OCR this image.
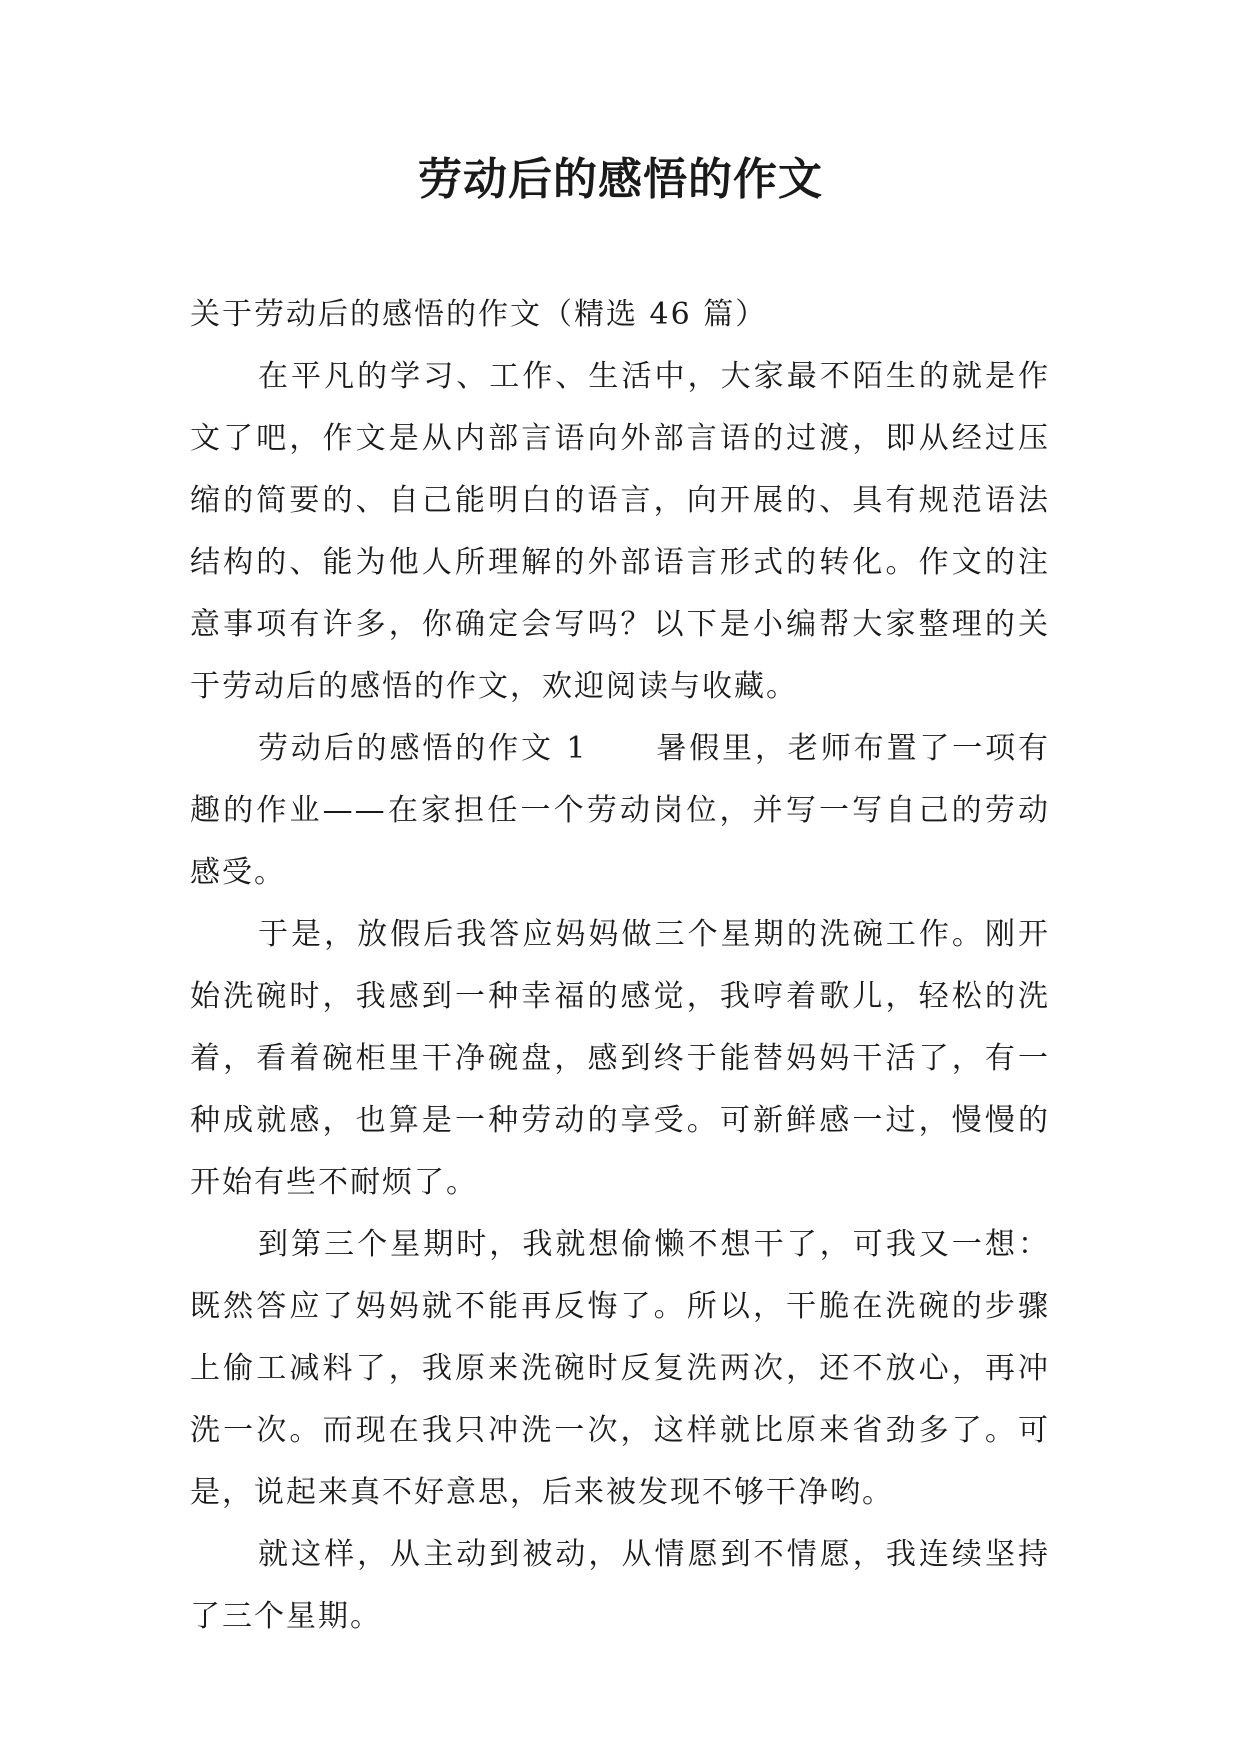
劳动后的感悟的作文

关于劳动后的感悟的作文（精选 46 篇）

在平凡的学习、工作、生活中，大家最不陌生的就是作文了吧，作文是从内部言语向外部言语的过渡，即从经过压缩的简要的、自己能明白的语言，向开展的、具有规范语法结构的、能为他人所理解的外部语言形式的转化。作文的注意事项有许多，你确定会写吗？以下是小编帮大家整理的关于劳动后的感悟的作文，欢迎阅读与收藏。

劳动后的感悟的作文 1 暑假里，老师布置了一项有趣的作业——在家担任一个劳动岗位，并写一写自己的劳动感受。

于是，放假后我答应妈妈做三个星期的洗碗工作。刚开始洗碗时，我感到一种幸福的感觉，我哼着歌儿，轻松的洗着，看着碗柜里干净碗盘，感到终于能替妈妈干活了，有一种成就感，也算是一种劳动的享受。可新鲜感一过，慢慢的开始有些不耐烦了。

到第三个星期时，我就想偷懒不想干了，可我又一想：既然答应了妈妈就不能再反悔了。所以，干脆在洗碗的步骤上偷工减料了，我原来洗碗时反复洗两次，还不放心，再冲洗一次。而现在我只冲洗一次，这样就比原来省劲多了。可是，说起来真不好意思，后来被发现不够干净哟。

就这样，从主动到被动，从情愿到不情愿，我连续坚持了三个星期。
